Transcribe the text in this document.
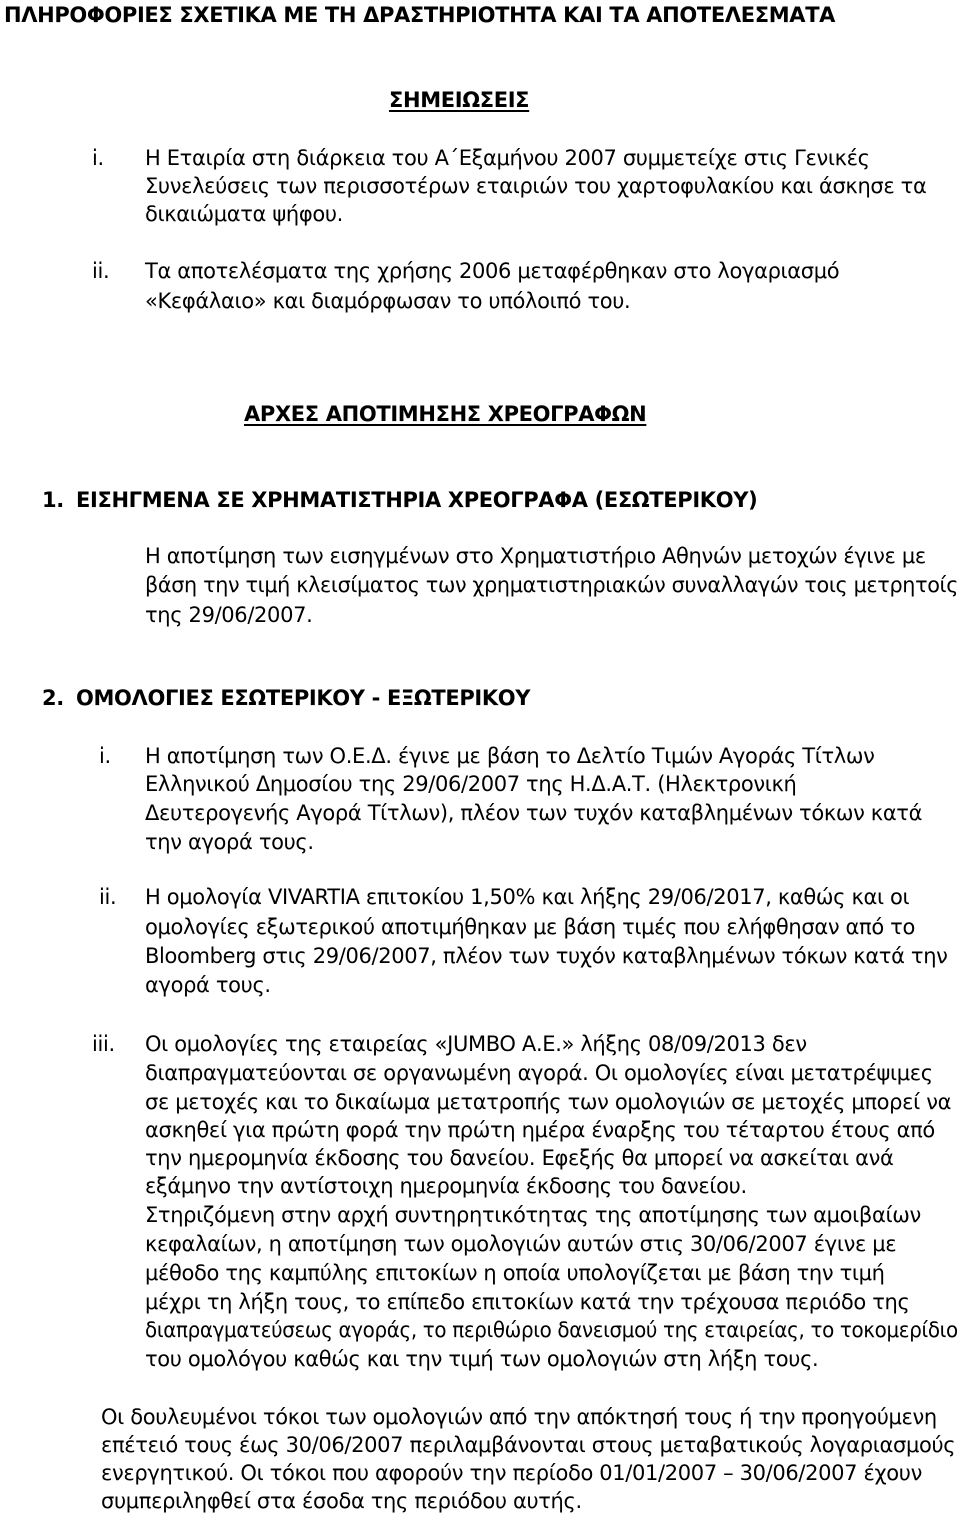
ΠΛΗΡΟΦΟΡΙΕΣ ΣΧΕΤΙΚΑ ΜΕ ΤΗ ΔΡΑΣΤΗΡΙΟΤΗΤΑ ΚΑΙ ΤΑ ΑΠΟΤΕΛΕΣΜΑΤΑ
ΣΗΜΕΙΩΣΕΙΣ
i. Η Εταιρία στη διάρκεια του Α΄Εξαμήνου 2007 συμμετείχε στις Γενικές
Συνελεύσεις των περισσοτέρων εταιριών του χαρτοφυλακίου και άσκησε τα
δικαιώματα ψήφου.
ii. Τα αποτελέσματα της χρήσης 2006 μεταφέρθηκαν στο λογαριασμό
«Κεφάλαιο» και διαμόρφωσαν το υπόλοιπό του.
ΑΡΧΕΣ ΑΠΟΤΙΜΗΣΗΣ ΧΡΕΟΓΡΑΦΩΝ
1. ΕΙΣΗΓΜΕΝΑ ΣΕ ΧΡΗΜΑΤΙΣΤΗΡΙΑ ΧΡΕΟΓΡΑΦΑ (ΕΣΩΤΕΡΙΚΟΥ)
Η αποτίμηση των εισηγμένων στο Χρηματιστήριο Αθηνών μετοχών έγινε με
βάση την τιμή κλεισίματος των χρηματιστηριακών συναλλαγών τοις μετρητοίς
της 29/06/2007.
2. ΟΜΟΛΟΓΙΕΣ ΕΣΩΤΕΡΙΚΟΥ - ΕΞΩΤΕΡΙΚΟΥ
i. Η αποτίμηση των Ο.Ε.Δ. έγινε με βάση το Δελτίο Τιμών Αγοράς Τίτλων
Ελληνικού Δημοσίου της 29/06/2007 της Η.Δ.Α.Τ. (Ηλεκτρονική
Δευτερογενής Αγορά Τίτλων), πλέον των τυχόν καταβλημένων τόκων κατά
την αγορά τους.
ii. Η ομολογία VIVARTIA επιτοκίου 1,50% και λήξης 29/06/2017, καθώς και οι
ομολογίες εξωτερικού αποτιμήθηκαν με βάση τιμές που ελήφθησαν από το
Bloomberg στις 29/06/2007, πλέον των τυχόν καταβλημένων τόκων κατά την
αγορά τους.
iii. Οι ομολογίες της εταιρείας «JUMBO Α.Ε.» λήξης 08/09/2013 δεν
διαπραγματεύονται σε οργανωμένη αγορά. Οι ομολογίες είναι μετατρέψιμες
σε μετοχές και το δικαίωμα μετατροπής των ομολογιών σε μετοχές μπορεί να
ασκηθεί για πρώτη φορά την πρώτη ημέρα έναρξης του τέταρτου έτους από
την ημερομηνία έκδοσης του δανείου. Εφεξής θα μπορεί να ασκείται ανά
εξάμηνο την αντίστοιχη ημερομηνία έκδοσης του δανείου.
Στηριζόμενη στην αρχή συντηρητικότητας της αποτίμησης των αμοιβαίων
κεφαλαίων, η αποτίμηση των ομολογιών αυτών στις 30/06/2007 έγινε με
μέθοδο της καμπύλης επιτοκίων η οποία υπολογίζεται με βάση την τιμή
μέχρι τη λήξη τους, το επίπεδο επιτοκίων κατά την τρέχουσα περιόδο της
διαπραγματεύσεως αγοράς, το περιθώριο δανεισμού της εταιρείας, το τοκομερίδιο
του ομολόγου καθώς και την τιμή των ομολογιών στη λήξη τους.
Οι δουλευμένοι τόκοι των ομολογιών από την απόκτησή τους ή την προηγούμενη
επέτειό τους έως 30/06/2007 περιλαμβάνονται στους μεταβατικούς λογαριασμούς
ενεργητικού. Οι τόκοι που αφορούν την περίοδο 01/01/2007 – 30/06/2007 έχουν
συμπεριληφθεί στα έσοδα της περιόδου αυτής.
